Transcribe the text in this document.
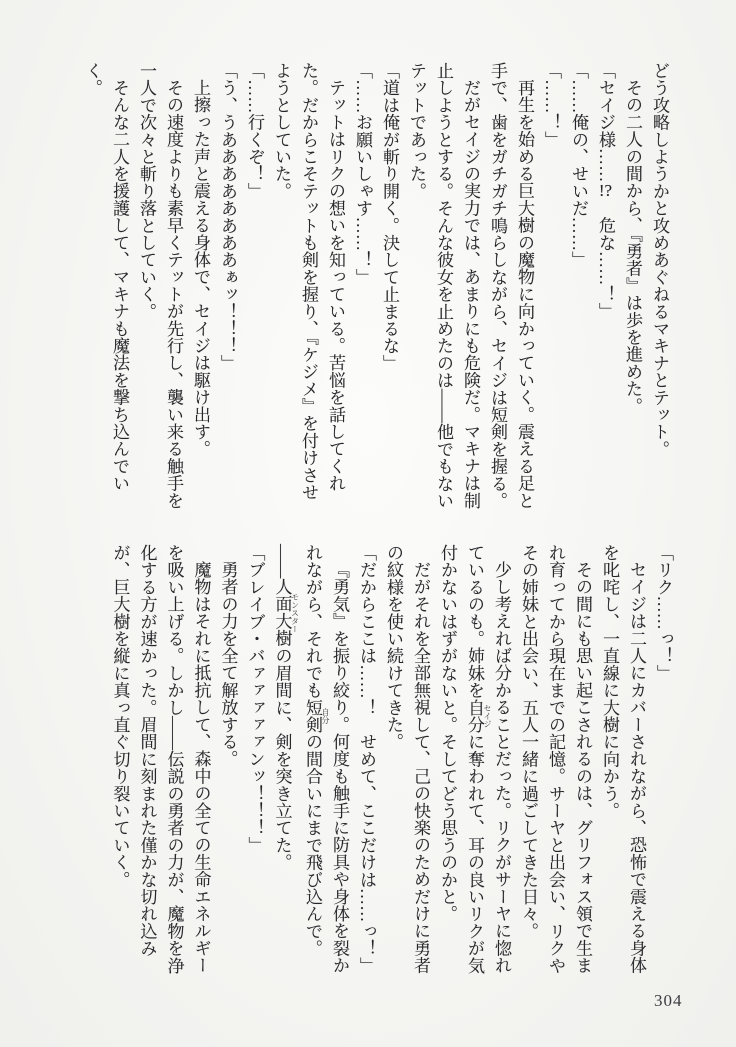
どう攻略しようかと攻めあぐねるマキナとテット。

その二人の間から、『勇者』は歩を進めた。

「セイジ様……!?　危な……！」

「……俺の、せいだ……」

「……！」

再生を始める巨大樹の魔物に向かっていく。震える足と手で、歯をガチガチ鳴らしながら、セイジは短剣を握る。

だがセイジの実力では、あまりにも危険だ。マキナは制止しようとする。そんな彼女を止めたのは――他でもないテットであった。

「道は俺が斬り開く。決して止まるな」

「……お願いしゃす……！」

テットはリクの想いを知っている。苦悩を話してくれた。だからこそテットも剣を握り、『ケジメ』を付けさせようとしていた。

「……行くぞ！」

「う、うああああああああぁッ！！！」

上擦った声と震える身体で、セイジは駆け出す。

その速度よりも素早くテットが先行し、襲い来る触手を一人で次々と斬り落としていく。

そんな二人を援護して、マキナも魔法を撃ち込んでいく。

「リク……っ！」

セイジは二人にカバーされながら、恐怖で震える身体を叱咤し、一直線に大樹に向かう。

その間にも思い起こされるのは、グリフォス領で生まれ育ってから現在までの記憶。サーヤと出会い、リクやその姉妹と出会い、五人一緒に過ごしてきた日々。

少し考えれば分かることだった。リクがサーヤに惚れているのも。姉妹を自分 セイジに奪われて、耳の良いリクが気付かないはずがないと。そしてどう思うのかと。

だがそれを全部無視して、己の快楽のためだけに勇者の紋様を使い続けてきた。

「だからここは……！　せめて、ここだけは……っ！」

『勇気』を振り絞り。何度も触手に防具や身体を裂かれながら、それでも短剣 自分の間合いにまで飛び込んで。

――人面大樹 モンスターの眉間に、剣を突き立てた。

「ブレイブ・バァァァァァンッ！！！」

勇者の力を全て解放する。

魔物はそれに抵抗して、森中の全ての生命エネルギーを吸い上げる。しかし――伝説の勇者の力が、魔物を浄化する方が速かった。眉間に刻まれた僅かな切れ込みが、巨大樹を縦に真っ直ぐ切り裂いていく。

304
